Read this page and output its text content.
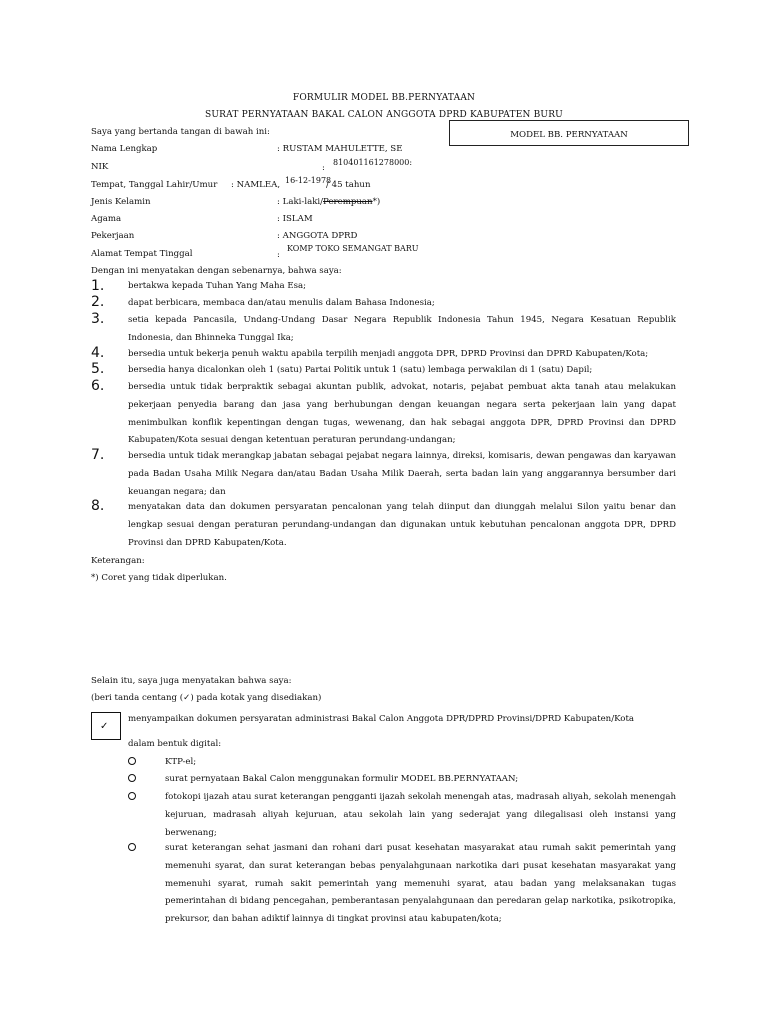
FORMULIR MODEL BB.PERNYATAAN
SURAT PERNYATAAN BAKAL CALON ANGGOTA DPRD KABUPATEN BURU
MODEL BB. PERNYATAAN
Saya yang bertanda tangan di bawah ini:
Nama Lengkap	: RUSTAM MAHULETTE, SE
NIK	:
810401161278000:
Tempat, Tanggal Lahir/Umur : NAMLEA, 16-12-1978
/ 45 tahun
Jenis Kelamin	: Laki-laki/Perempuan*)
Agama	: ISLAM
Pekerjaan	: ANGGOTA DPRD
Alamat Tempat Tinggal	:
KOMP TOKO SEMANGAT BARU
Dengan ini menyatakan dengan sebenarnya, bahwa saya:
1.	bertakwa kepada Tuhan Yang Maha Esa;
2.	dapat berbicara, membaca dan/atau menulis dalam Bahasa Indonesia;
3.	setia kepada Pancasila, Undang-Undang Dasar Negara Republik Indonesia Tahun 1945, Negara Kesatuan Republik Indonesia, dan Bhinneka Tunggal Ika;
4.	bersedia untuk bekerja penuh waktu apabila terpilih menjadi anggota DPR, DPRD Provinsi dan DPRD Kabupaten/Kota;
5.	bersedia hanya dicalonkan oleh 1 (satu) Partai Politik untuk 1 (satu) lembaga perwakilan di 1 (satu) Dapil;
6.	bersedia untuk tidak berpraktik sebagai akuntan publik, advokat, notaris, pejabat pembuat akta tanah atau melakukan pekerjaan penyedia barang dan jasa yang berhubungan dengan keuangan negara serta pekerjaan lain yang dapat menimbulkan konflik kepentingan dengan tugas, wewenang, dan hak sebagai anggota DPR, DPRD Provinsi dan DPRD Kabupaten/Kota sesuai dengan ketentuan peraturan perundang-undangan;
7.	bersedia untuk tidak merangkap jabatan sebagai pejabat negara lainnya, direksi, komisaris, dewan pengawas dan karyawan pada Badan Usaha Milik Negara dan/atau Badan Usaha Milik Daerah, serta badan lain yang anggarannya bersumber dari keuangan negara; dan
8.	menyatakan data dan dokumen persyaratan pencalonan yang telah diinput dan diunggah melalui Silon yaitu benar dan lengkap sesuai dengan peraturan perundang-undangan dan digunakan untuk kebutuhan pencalonan anggota DPR, DPRD Provinsi dan DPRD Kabupaten/Kota.
Keterangan:
*) Coret yang tidak diperlukan.
Selain itu, saya juga menyatakan bahwa saya:
(beri tanda centang (✓) pada kotak yang disediakan)
✓
menyampaikan dokumen persyaratan administrasi Bakal Calon Anggota DPR/DPRD Provinsi/DPRD Kabupaten/Kota
dalam bentuk digital:
KTP-el;
surat pernyataan Bakal Calon menggunakan formulir MODEL BB.PERNYATAAN;
fotokopi ijazah atau surat keterangan pengganti ijazah sekolah menengah atas, madrasah aliyah, sekolah menengah kejuruan, madrasah aliyah kejuruan, atau sekolah lain yang sederajat yang dilegalisasi oleh instansi yang berwenang;
surat keterangan sehat jasmani dan rohani dari pusat kesehatan masyarakat atau rumah sakit pemerintah yang memenuhi syarat, dan surat keterangan bebas penyalahgunaan narkotika dari pusat kesehatan masyarakat yang memenuhi syarat, rumah sakit pemerintah yang memenuhi syarat, atau badan yang melaksanakan tugas pemerintahan di bidang pencegahan, pemberantasan penyalahgunaan dan peredaran gelap narkotika, psikotropika, prekursor, dan bahan adiktif lainnya di tingkat provinsi atau kabupaten/kota;
